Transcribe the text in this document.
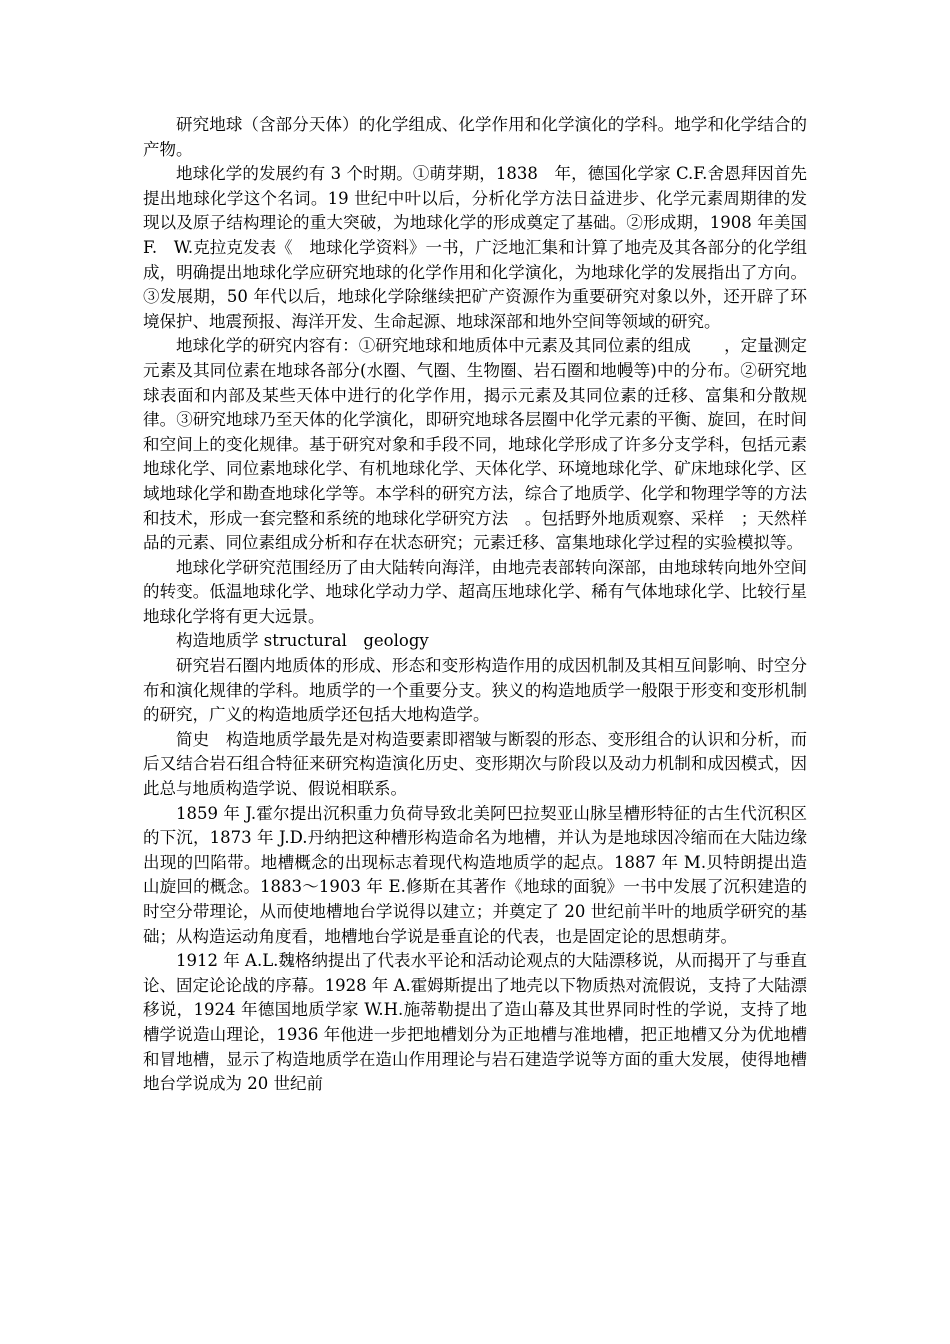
研究地球（含部分天体）的化学组成、化学作用和化学演化的学科。地学和化学结合的产物。

地球化学的发展约有 3 个时期。①萌芽期，1838　年，德国化学家 C.F.舍恩拜因首先提出地球化学这个名词。19 世纪中叶以后，分析化学方法日益进步、化学元素周期律的发现以及原子结构理论的重大突破，为地球化学的形成奠定了基础。②形成期，1908 年美国 F.　W.克拉克发表《　地球化学资料》一书，广泛地汇集和计算了地壳及其各部分的化学组成，明确提出地球化学应研究地球的化学作用和化学演化，为地球化学的发展指出了方向。③发展期，50 年代以后，地球化学除继续把矿产资源作为重要研究对象以外，还开辟了环境保护、地震预报、海洋开发、生命起源、地球深部和地外空间等领域的研究。

地球化学的研究内容有：①研究地球和地质体中元素及其同位素的组成　　，定量测定元素及其同位素在地球各部分(水圈、气圈、生物圈、岩石圈和地幔等)中的分布。②研究地球表面和内部及某些天体中进行的化学作用，揭示元素及其同位素的迁移、富集和分散规律。③研究地球乃至天体的化学演化，即研究地球各层圈中化学元素的平衡、旋回，在时间和空间上的变化规律。基于研究对象和手段不同，地球化学形成了许多分支学科，包括元素地球化学、同位素地球化学、有机地球化学、天体化学、环境地球化学、矿床地球化学、区域地球化学和勘查地球化学等。本学科的研究方法，综合了地质学、化学和物理学等的方法和技术，形成一套完整和系统的地球化学研究方法　。包括野外地质观察、采样　；天然样品的元素、同位素组成分析和存在状态研究；元素迁移、富集地球化学过程的实验模拟等。

地球化学研究范围经历了由大陆转向海洋，由地壳表部转向深部，由地球转向地外空间的转变。低温地球化学、地球化学动力学、超高压地球化学、稀有气体地球化学、比较行星地球化学将有更大远景。

构造地质学 structural　geology

研究岩石圈内地质体的形成、形态和变形构造作用的成因机制及其相互间影响、时空分布和演化规律的学科。地质学的一个重要分支。狭义的构造地质学一般限于形变和变形机制的研究，广义的构造地质学还包括大地构造学。

简史　构造地质学最先是对构造要素即褶皱与断裂的形态、变形组合的认识和分析，而后又结合岩石组合特征来研究构造演化历史、变形期次与阶段以及动力机制和成因模式，因此总与地质构造学说、假说相联系。

1859 年 J.霍尔提出沉积重力负荷导致北美阿巴拉契亚山脉呈槽形特征的古生代沉积区的下沉，1873 年 J.D.丹纳把这种槽形构造命名为地槽，并认为是地球因冷缩而在大陆边缘出现的凹陷带。地槽概念的出现标志着现代构造地质学的起点。1887 年 M.贝特朗提出造山旋回的概念。1883～1903 年 E.修斯在其著作《地球的面貌》一书中发展了沉积建造的时空分带理论，从而使地槽地台学说得以建立；并奠定了 20 世纪前半叶的地质学研究的基础；从构造运动角度看，地槽地台学说是垂直论的代表，也是固定论的思想萌芽。

1912 年 A.L.魏格纳提出了代表水平论和活动论观点的大陆漂移说，从而揭开了与垂直论、固定论论战的序幕。1928 年 A.霍姆斯提出了地壳以下物质热对流假说，支持了大陆漂移说，1924 年德国地质学家 W.H.施蒂勒提出了造山幕及其世界同时性的学说，支持了地槽学说造山理论，1936 年他进一步把地槽划分为正地槽与准地槽，把正地槽又分为优地槽和冒地槽，显示了构造地质学在造山作用理论与岩石建造学说等方面的重大发展，使得地槽地台学说成为 20 世纪前
